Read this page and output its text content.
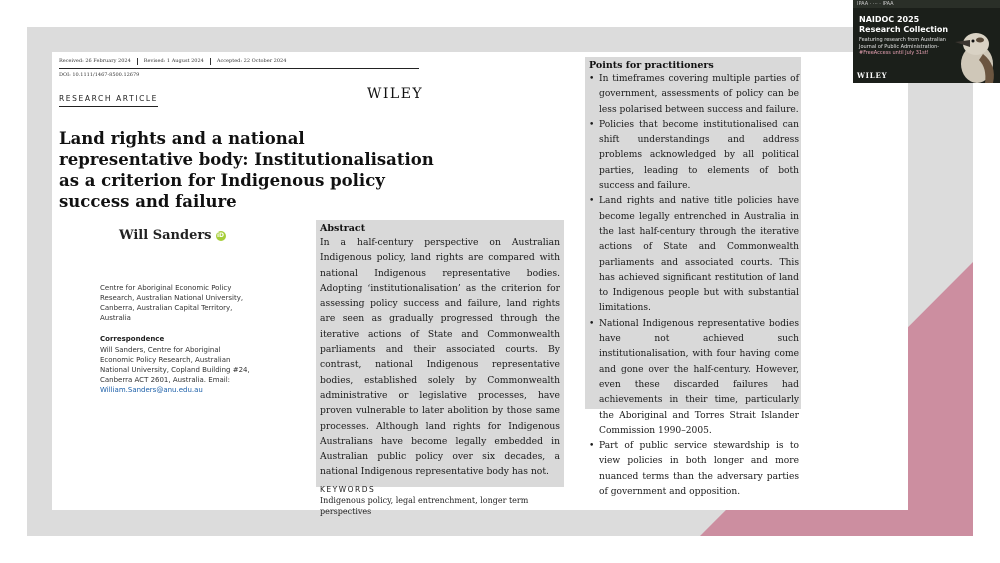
Received: 26 February 2024	Revised: 1 August 2024	Accepted: 22 October 2024
DOI: 10.1111/1467-8500.12679
RESEARCH ARTICLE	WILEY
Land rights and a national representative body: Institutionalisation as a criterion for Indigenous policy success and failure
Will Sanders iD
Centre for Aboriginal Economic Policy Research, Australian National University, Canberra, Australian Capital Territory, Australia
Correspondence
Will Sanders, Centre for Aboriginal Economic Policy Research, Australian National University, Copland Building #24, Canberra ACT 2601, Australia. Email: William.Sanders@anu.edu.au
Abstract

In a half-century perspective on Australian Indigenous policy, land rights are compared with national Indigenous representative bodies. Adopting ‘institutionalisation’ as the criterion for assessing policy success and failure, land rights are seen as gradually progressed through the iterative actions of State and Commonwealth parliaments and their associated courts. By contrast, national Indigenous representative bodies, established solely by Commonwealth administrative or legislative processes, have proven vulnerable to later abolition by those same processes. Although land rights for Indigenous Australians have become legally embedded in Australian public policy over six decades, a national Indigenous representative body has not.

KEYWORDS
Indigenous policy, legal entrenchment, longer term perspectives
Points for practitioners
• In timeframes covering multiple parties of government, assessments of policy can be less polarised between success and failure.
• Policies that become institutionalised can shift understandings and address problems acknowledged by all political parties, leading to elements of both success and failure.
• Land rights and native title policies have become legally entrenched in Australia in the last half-century through the iterative actions of State and Commonwealth parliaments and associated courts. This has achieved significant restitution of land to Indigenous people but with substantial limitations.
• National Indigenous representative bodies have not achieved such institutionalisation, with four having come and gone over the half-century. However, even these discarded failures had achievements in their time, particularly the Aboriginal and Torres Strait Islander Commission 1990–2005.
• Part of public service stewardship is to view policies in both longer and more nuanced terms than the adversary parties of government and opposition.
IPAA · ··· · IPAA
NAIDOC 2025
Research Collection
Featuring research from Australian Journal of Public Administration- #FreeAccess until July 31st!
WILEY
